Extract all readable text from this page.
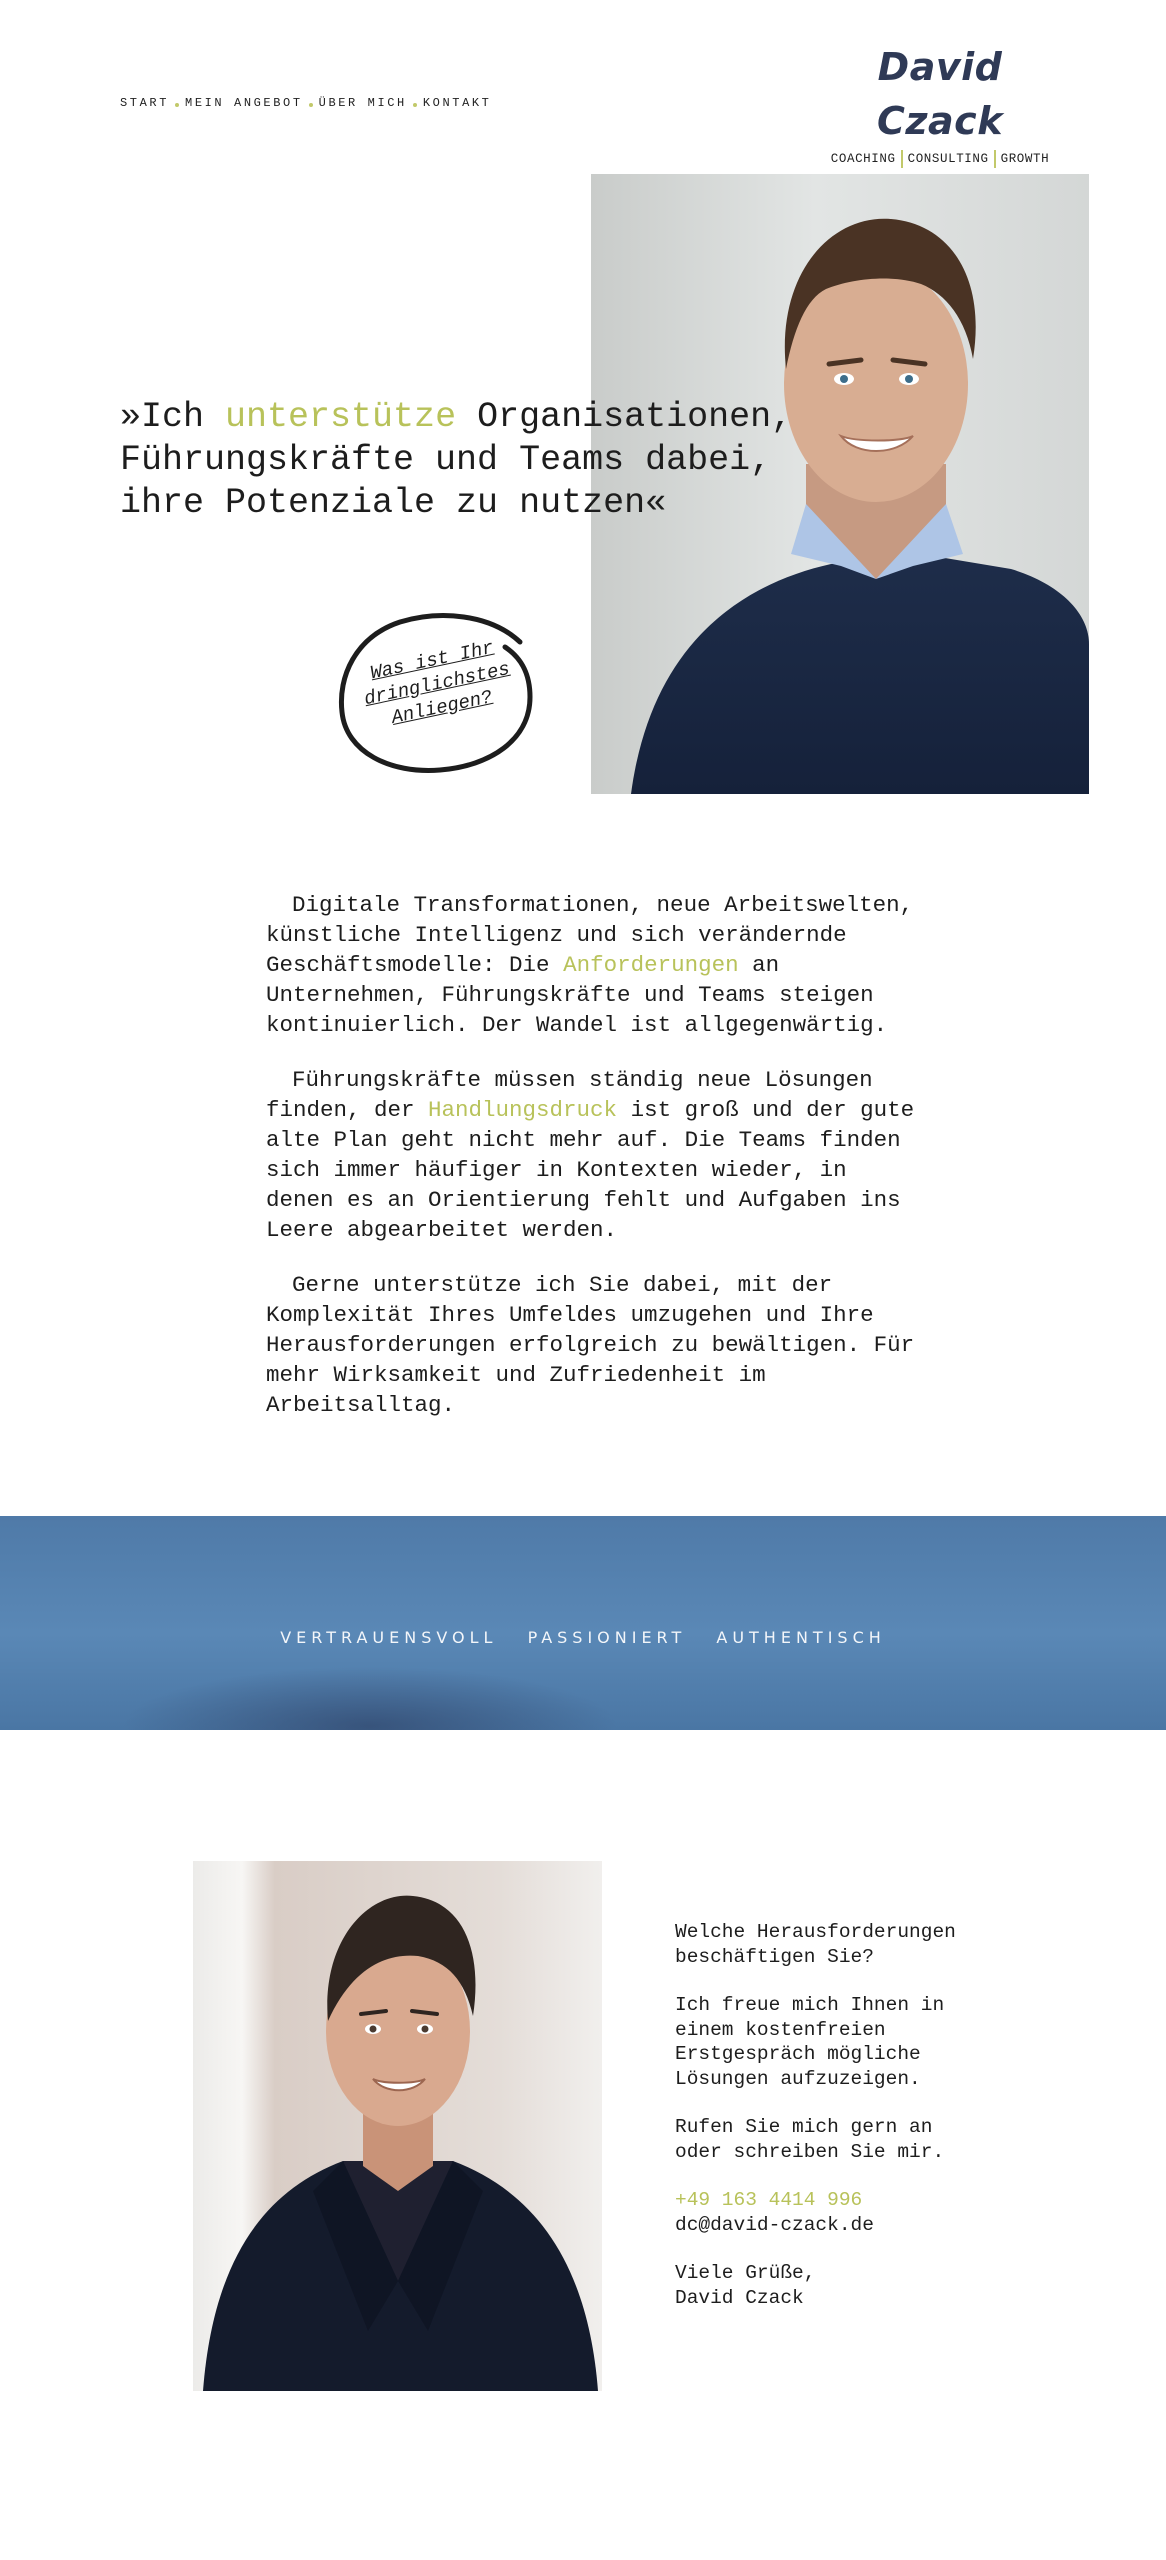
START MEIN ANGEBOT ÜBER MICH KONTAKT
David Czack
COACHING CONSULTING GROWTH
»Ich unterstütze Organisationen, Führungskräfte und Teams dabei, ihre Potenziale zu nutzen«
Was ist Ihr dringlichstes Anliegen?

Digitale Transformationen, neue Arbeitswelten, künstliche Intelligenz und sich verändernde Geschäftsmodelle: Die Anforderungen an Unternehmen, Führungskräfte und Teams steigen kontinuierlich. Der Wandel ist allgegenwärtig.

Führungskräfte müssen ständig neue Lösungen finden, der Handlungsdruck ist groß und der gute alte Plan geht nicht mehr auf. Die Teams finden sich immer häufiger in Kontexten wieder, in denen es an Orientierung fehlt und Aufgaben ins Leere abgearbeitet werden.

Gerne unterstütze ich Sie dabei, mit der Komplexität Ihres Umfeldes umzugehen und Ihre Herausforderungen erfolgreich zu bewältigen. Für mehr Wirksamkeit und Zufriedenheit im Arbeitsalltag.

VERTRAUENSVOLL PASSIONIERT AUTHENTISCH

Welche Herausforderungen beschäftigen Sie?

Ich freue mich Ihnen in einem kostenfreien Erstgespräch mögliche Lösungen aufzuzeigen.

Rufen Sie mich gern an oder schreiben Sie mir.

+49 163 4414 996
dc@david-czack.de

Viele Grüße,
David Czack
